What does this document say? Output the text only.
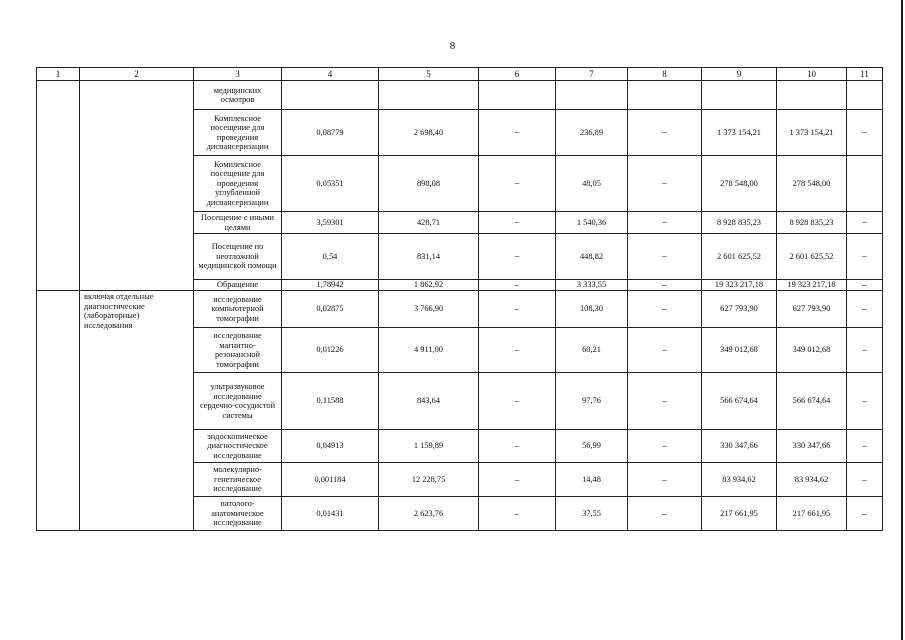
8
1	2	3	4	5	6	7	8	9	10	11
		медицинских осмотров								
		Комплексное посещение для проведения диспансеризации	0,08779	2 698,40	–	236,89	–	1 373 154,21	1 373 154,21	–
		Комплексное посещение для проведения углубленной диспансеризации	0,05351	898,08	–	48,05	–	278 548,00	278 548,00	
		Посещение с иными целями	3,59301	428,71	–	1 540,36	–	8 928 835,23	8 928 835,23	–
		Посещение по неотложной медицинской помощи	0,54	831,14	–	448,82	–	2 601 625,52	2 601 625,52	–
		Обращение	1,78942	1 862,92	–	3 333,55	–	19 323 217,18	19 323 217,18	–
	включая отдельные диагностические (лабораторные) исследования	исследование компьютерной томографии	0,02875	3 766,90	–	108,30	–	627 793,90	627 793,90	–
		исследование магнитно-резонансной томографии	0,01226	4 911,00	–	60,21	–	349 012,68	349 012,68	–
		ультразвуковое исследование сердечно-сосудистой системы	0,11588	843,64	–	97,76	–	566 674,64	566 674,64	–
		эндоскопическое диагностическое исследование	0,04913	1 159,89	–	56,99	–	330 347,66	330 347,66	–
		молекулярно-генетическое исследование	0,001184	12 228,75	–	14,48	–	83 934,62	83 934,62	–
		патолого-анатомическое исследование	0,01431	2 623,76	–	37,55	–	217 661,95	217 661,95	–
